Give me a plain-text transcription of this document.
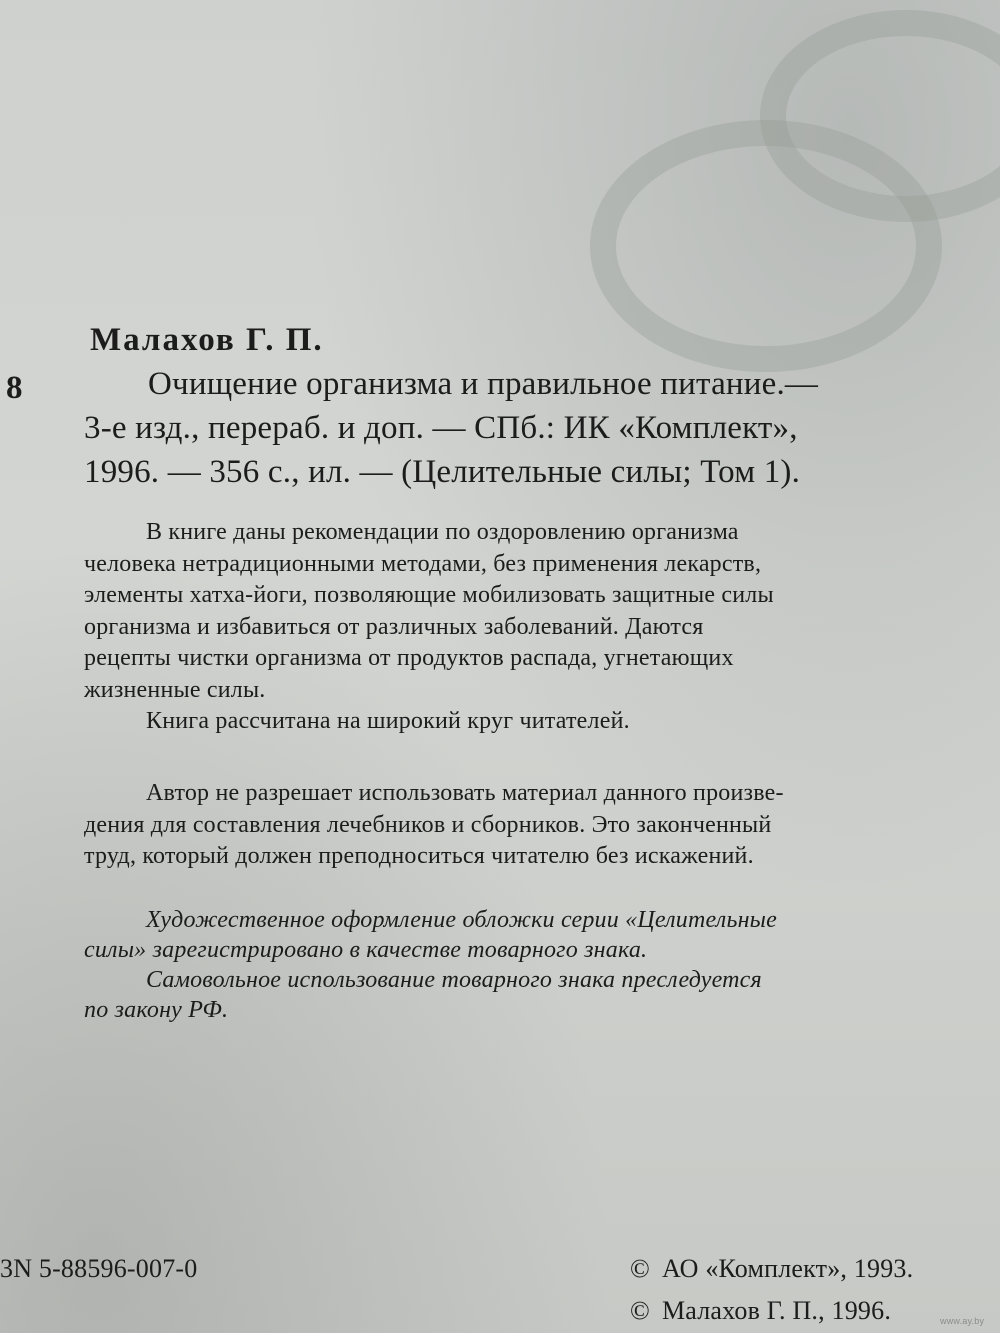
Малахов Г. П.
8	Очищение организма и правильное питание.—
3-е изд., перераб. и доп. — СПб.: ИК «Комплект»,
1996. — 356 с., ил. — (Целительные силы; Том 1).
В книге даны рекомендации по оздоровлению организма
человека нетрадиционными методами, без применения лекарств,
элементы хатха-йоги, позволяющие мобилизовать защитные силы
организма и избавиться от различных заболеваний. Даются
рецепты чистки организма от продуктов распада, угнетающих
жизненные силы.
Книга рассчитана на широкий круг читателей.
Автор не разрешает использовать материал данного произве-
дения для составления лечебников и сборников. Это законченный
труд, который должен преподноситься читателю без искажений.
Художественное оформление обложки серии «Целительные
силы» зарегистрировано в качестве товарного знака.
Самовольное использование товарного знака преследуется
по закону РФ.
3N 5-88596-007-0	© АО «Комплект», 1993.
© Малахов Г. П., 1996.	www.ay.by
